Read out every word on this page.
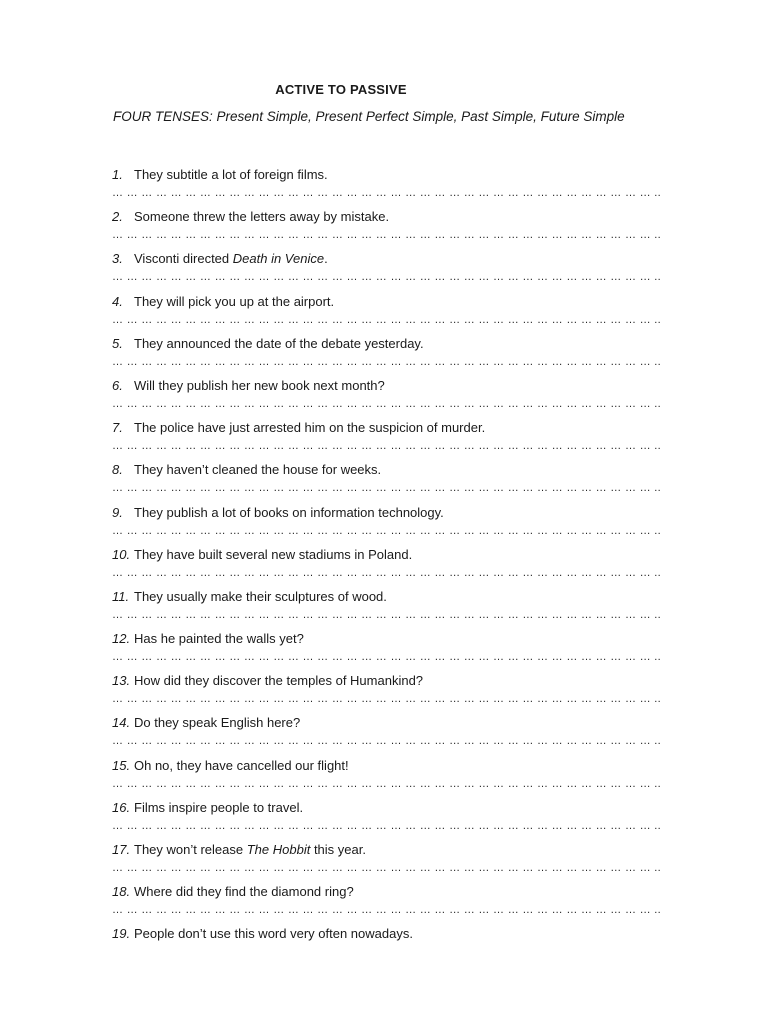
ACTIVE TO PASSIVE
FOUR TENSES: Present Simple, Present Perfect Simple, Past Simple, Future Simple
1. They subtitle a lot of foreign films.
… … … … … … … … … … … … … … … … … … … … … … … … … … … … … … … … … … … … … ..
2. Someone threw the letters away by mistake.
… … … … … … … … … … … … … … … … … … … … … … … … … … … … … … … … … … … … … ..
3. Visconti directed Death in Venice.
… … … … … … … … … … … … … … … … … … … … … … … … … … … … … … … … … … … … … ..
4. They will pick you up at the airport.
… … … … … … … … … … … … … … … … … … … … … … … … … … … … … … … … … … … … … ..
5. They announced the date of the debate yesterday.
… … … … … … … … … … … … … … … … … … … … … … … … … … … … … … … … … … … … … ..
6. Will they publish her new book next month?
… … … … … … … … … … … … … … … … … … … … … … … … … … … … … … … … … … … … … ..
7. The police have just arrested him on the suspicion of murder.
… … … … … … … … … … … … … … … … … … … … … … … … … … … … … … … … … … … … … ..
8. They haven’t cleaned the house for weeks.
… … … … … … … … … … … … … … … … … … … … … … … … … … … … … … … … … … … … … ..
9. They publish a lot of books on information technology.
… … … … … … … … … … … … … … … … … … … … … … … … … … … … … … … … … … … … … ..
10. They have built several new stadiums in Poland.
… … … … … … … … … … … … … … … … … … … … … … … … … … … … … … … … … … … … … ..
11. They usually make their sculptures of wood.
… … … … … … … … … … … … … … … … … … … … … … … … … … … … … … … … … … … … … ..
12. Has he painted the walls yet?
… … … … … … … … … … … … … … … … … … … … … … … … … … … … … … … … … … … … … ..
13. How did they discover the temples of Humankind?
… … … … … … … … … … … … … … … … … … … … … … … … … … … … … … … … … … … … … ..
14. Do they speak English here?
… … … … … … … … … … … … … … … … … … … … … … … … … … … … … … … … … … … … … ..
15. Oh no, they have cancelled our flight!
… … … … … … … … … … … … … … … … … … … … … … … … … … … … … … … … … … … … … ..
16. Films inspire people to travel.
… … … … … … … … … … … … … … … … … … … … … … … … … … … … … … … … … … … … … ..
17. They won’t release The Hobbit this year.
… … … … … … … … … … … … … … … … … … … … … … … … … … … … … … … … … … … … … ..
18. Where did they find the diamond ring?
… … … … … … … … … … … … … … … … … … … … … … … … … … … … … … … … … … … … … ..
19. People don’t use this word very often nowadays.
